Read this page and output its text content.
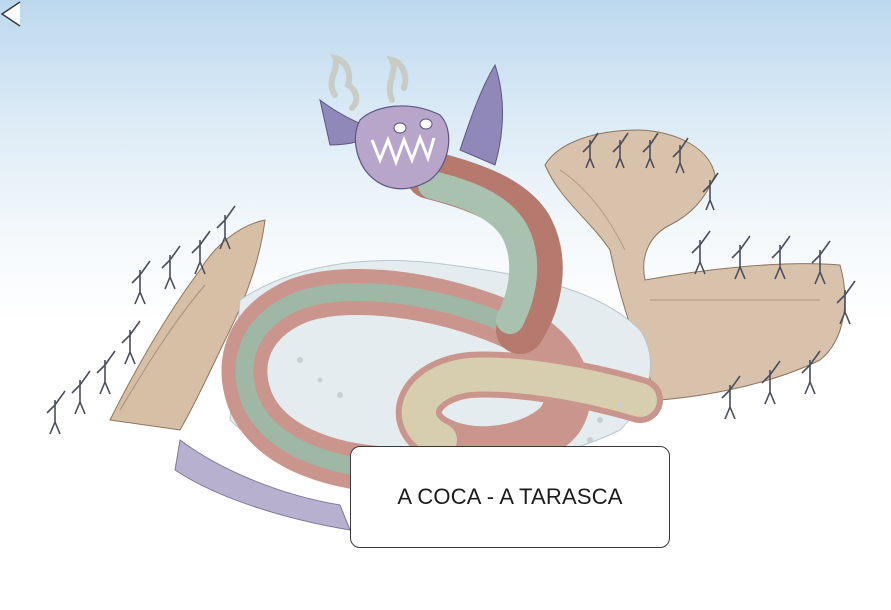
A COCA - A TARASCA
